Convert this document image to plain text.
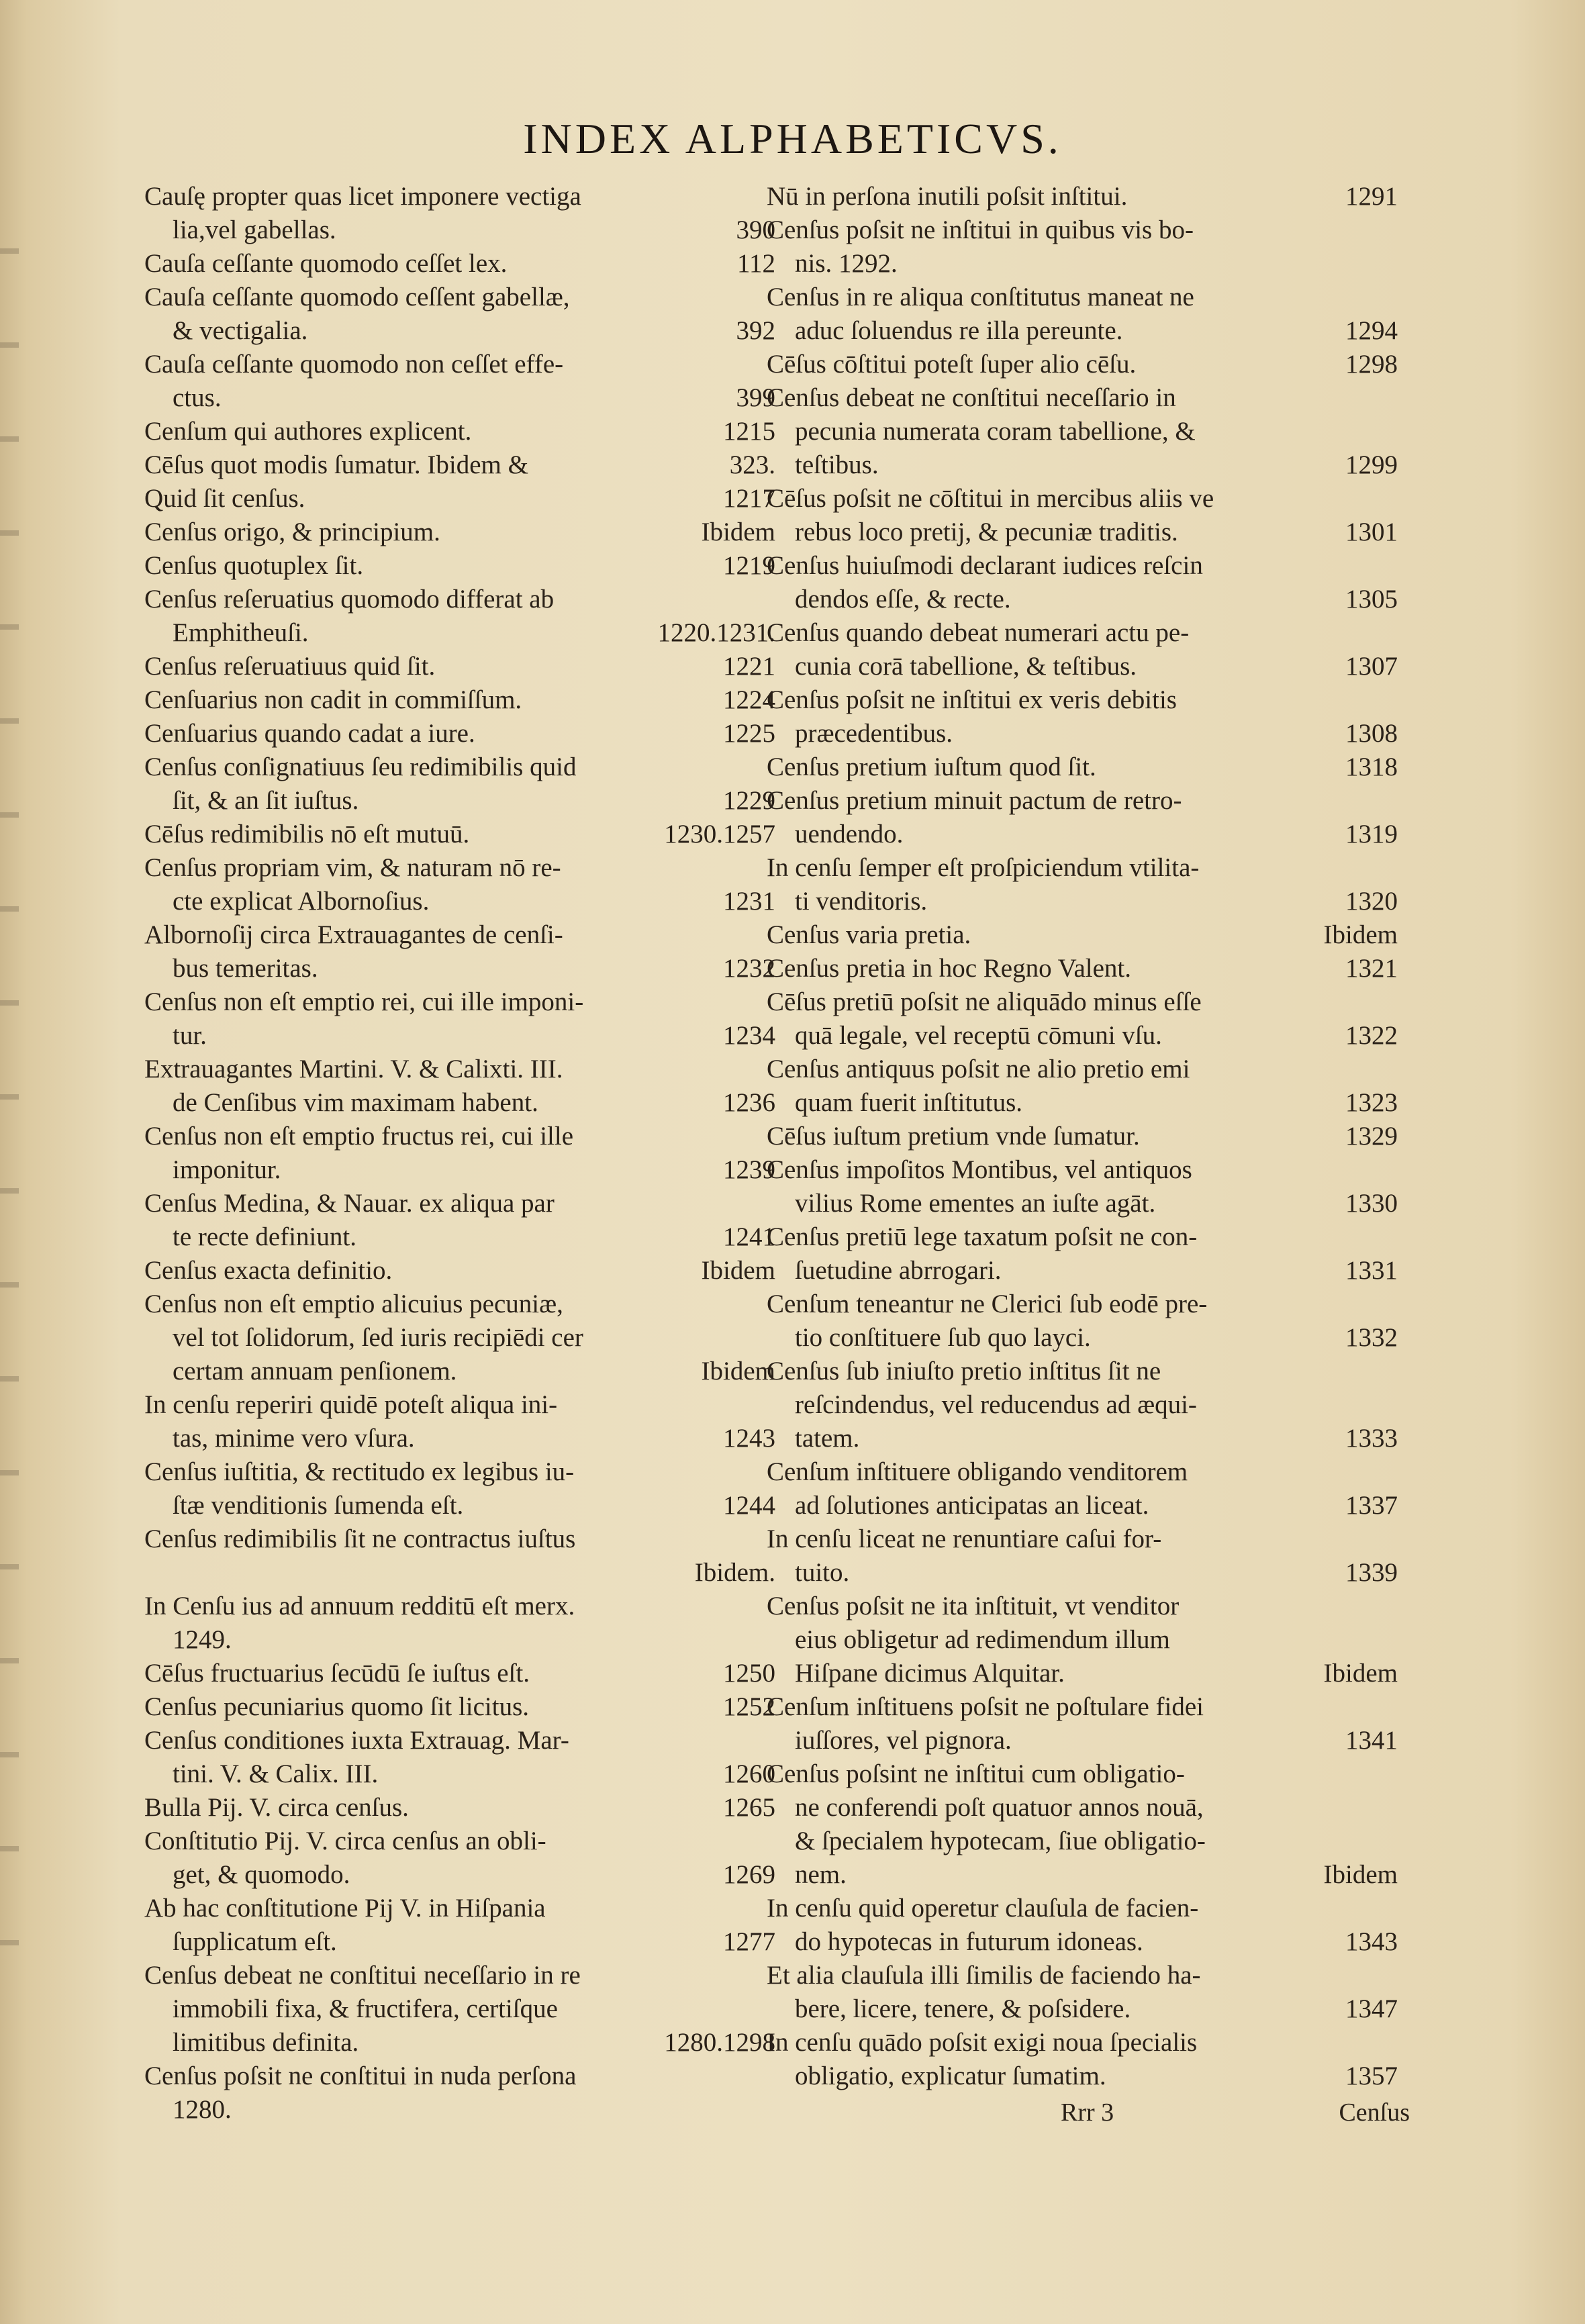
INDEX ALPHABETICVS.
Cauſę propter quas licet imponere vectiga
lia,vel gabellas.	390
Cauſa ceſſante quomodo ceſſet lex.	112
Cauſa ceſſante quomodo ceſſent gabellæ,
& vectigalia.	392
Cauſa ceſſante quomodo non ceſſet effe-
ctus.	399
Cenſum qui authores explicent.	1215
Cēſus quot modis ſumatur. Ibidem &	323.
Quid ſit cenſus.	1217
Cenſus origo, & principium.	Ibidem
Cenſus quotuplex ſit.	1219
Cenſus reſeruatius quomodo differat ab
Emphitheuſi.	1220.1231.
Cenſus reſeruatiuus quid ſit.	1221
Cenſuarius non cadit in commiſſum.	1224
Cenſuarius quando cadat a iure.	1225
Cenſus conſignatiuus ſeu redimibilis quid
ſit, & an ſit iuſtus.	1229
Cēſus redimibilis nō eſt mutuū.	1230.1257
Cenſus propriam vim, & naturam nō re-
cte explicat Albornoſius.	1231
Albornoſij circa Extrauagantes de cenſi-
bus temeritas.	1232
Cenſus non eſt emptio rei, cui ille imponi-
tur.	1234
Extrauagantes Martini. V. & Calixti. III.
de Cenſibus vim maximam habent.	1236
Cenſus non eſt emptio fructus rei, cui ille
imponitur.	1239
Cenſus Medina, & Nauar. ex aliqua par
te recte definiunt.	1241
Cenſus exacta definitio.	Ibidem
Cenſus non eſt emptio alicuius pecuniæ,
vel tot ſolidorum, ſed iuris recipiēdi cer
certam annuam penſionem.	Ibidem
In cenſu reperiri quidē poteſt aliqua ini-
tas, minime vero vſura.	1243
Cenſus iuſtitia, & rectitudo ex legibus iu-
ſtæ venditionis ſumenda eſt.	1244
Cenſus redimibilis ſit ne contractus iuſtus

Ibidem.
In Cenſu ius ad annuum redditū eſt merx.
1249.
Cēſus fructuarius ſecūdū ſe iuſtus eſt.	1250
Cenſus pecuniarius quomo ſit licitus.	1252
Cenſus conditiones iuxta Extrauag. Mar-
tini. V. & Calix. III.	1260
Bulla Pij. V. circa cenſus.	1265
Conſtitutio Pij. V. circa cenſus an obli-
get, & quomodo.	1269
Ab hac conſtitutione Pij V. in Hiſpania
ſupplicatum eſt.	1277
Cenſus debeat ne conſtitui neceſſario in re
immobili fixa, & fructifera, certiſque
limitibus definita.	1280.1298
Cenſus poſsit ne conſtitui in nuda perſona
1280.
Nū in perſona inutili poſsit inſtitui.	1291
Cenſus poſsit ne inſtitui in quibus vis bo-
nis. 1292.
Cenſus in re aliqua conſtitutus maneat ne
aduc ſoluendus re illa pereunte.	1294
Cēſus cōſtitui poteſt ſuper alio cēſu.	1298
Cenſus debeat ne conſtitui neceſſario in
pecunia numerata coram tabellione, &
teſtibus.	1299
Cēſus poſsit ne cōſtitui in mercibus aliis ve
rebus loco pretij, & pecuniæ traditis.	1301
Cenſus huiuſmodi declarant iudices reſcin
dendos eſſe, & recte.	1305
Cenſus quando debeat numerari actu pe-
cunia corā tabellione, & teſtibus.	1307
Cenſus poſsit ne inſtitui ex veris debitis
præcedentibus.	1308
Cenſus pretium iuſtum quod ſit.	1318
Cenſus pretium minuit pactum de retro-
uendendo.	1319
In cenſu ſemper eſt proſpiciendum vtilita-
ti venditoris.	1320
Cenſus varia pretia.	Ibidem
Cenſus pretia in hoc Regno Valent.	1321
Cēſus pretiū poſsit ne aliquādo minus eſſe
quā legale, vel receptū cōmuni vſu.	1322
Cenſus antiquus poſsit ne alio pretio emi
quam fuerit inſtitutus.	1323
Cēſus iuſtum pretium vnde ſumatur.	1329
Cenſus impoſitos Montibus, vel antiquos
vilius Rome ementes an iuſte agāt.	1330
Cenſus pretiū lege taxatum poſsit ne con-
ſuetudine abrrogari.	1331
Cenſum teneantur ne Clerici ſub eodē pre-
tio conſtituere ſub quo layci.	1332
Cenſus ſub iniuſto pretio inſtitus ſit ne
reſcindendus, vel reducendus ad æqui-
tatem.	1333
Cenſum inſtituere obligando venditorem
ad ſolutiones anticipatas an liceat.	1337
In cenſu liceat ne renuntiare caſui for-
tuito.	1339
Cenſus poſsit ne ita inſtituit, vt venditor
eius obligetur ad redimendum illum
Hiſpane dicimus Alquitar.	Ibidem
Cenſum inſtituens poſsit ne poſtulare fidei
iuſſores, vel pignora.	1341
Cenſus poſsint ne inſtitui cum obligatio-
ne conferendi poſt quatuor annos nouā,
& ſpecialem hypotecam, ſiue obligatio-
nem.	Ibidem
In cenſu quid operetur clauſula de facien-
do hypotecas in futurum idoneas.	1343
Et alia clauſula illi ſimilis de faciendo ha-
bere, licere, tenere, & poſsidere.	1347
In cenſu quādo poſsit exigi noua ſpecialis
obligatio, explicatur ſumatim.	1357
Rrr 3	Cenſus
